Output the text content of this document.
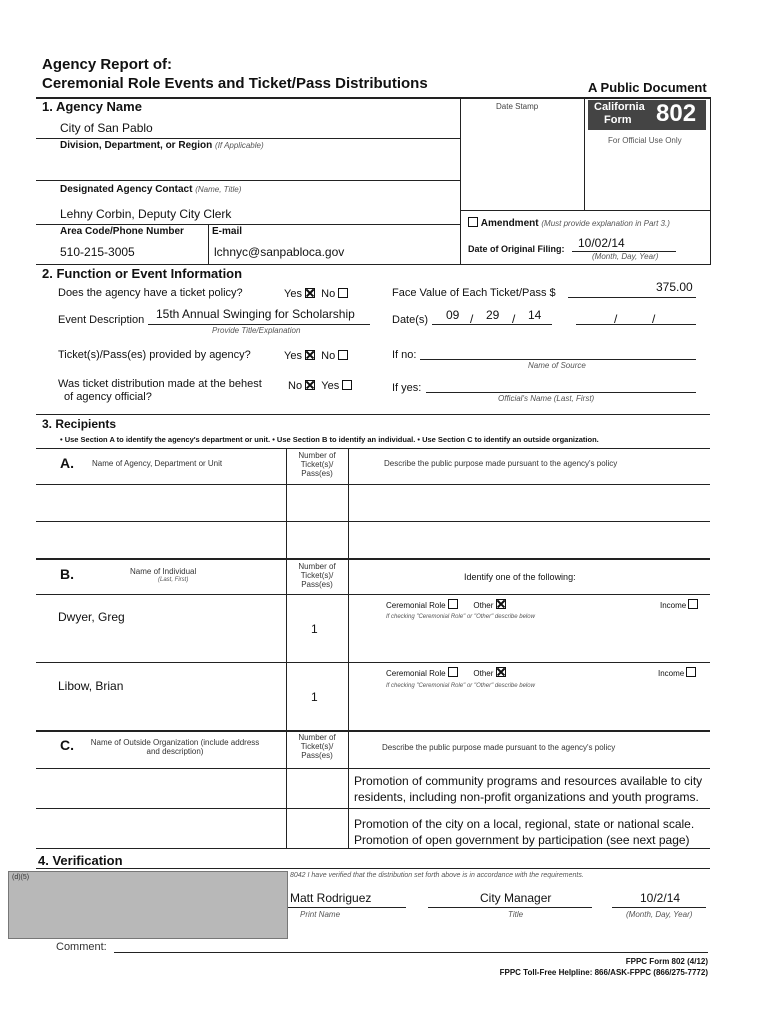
Agency Report of:
Ceremonial Role Events and Ticket/Pass Distributions	A Public Document
1. Agency Name
City of San Pablo
Division, Department, or Region (If Applicable)
Designated Agency Contact (Name, Title)
Lehny Corbin, Deputy City Clerk
Area Code/Phone Number	E-mail
510-215-3005	lchnyc@sanpabloca.gov
Date Stamp	California
Form 802
For Official Use Only
Amendment (Must provide explanation in Part 3.)
Date of Original Filing: 10/02/14
(Month, Day, Year)
2. Function or Event Information
Does the agency have a ticket policy?	Yes No	Face Value of Each Ticket/Pass $	375.00
Event Description 15th Annual Swinging for Scholarship
Provide Title/Explanation
Date(s) 09 / 29 / 14	/	/
Ticket(s)/Pass(es) provided by agency?	Yes No	If no:
Name of Source
Was ticket distribution made at the behest
of agency official?
No Yes	If yes:
Official's Name (Last, First)
3. Recipients
• Use Section A to identify the agency's department or unit. • Use Section B to identify an individual. • Use Section C to identify an outside organization.
A. Name of Agency, Department or Unit
Number of Ticket(s)/ Pass(es)
Describe the public purpose made pursuant to the agency's policy
B.	Name of Individual
(Last, First)
Number of Ticket(s)/ Pass(es)
Identify one of the following:
Dwyer, Greg
1
Ceremonial Role	Other	Income
If checking "Ceremonial Role" or "Other" describe below
Libow, Brian
1
Ceremonial Role	Other	Income
If checking "Ceremonial Role" or "Other" describe below
C. Name of Outside Organization (include address and description)
Number of Ticket(s)/ Pass(es)
Describe the public purpose made pursuant to the agency's policy
Promotion of community programs and resources available to city residents, including non-profit organizations and youth programs.
Promotion of the city on a local, regional, state or national scale. Promotion of open government by participation (see next page)
4. Verification
(d)(5)	8042 I have verified that the distribution set forth above is in accordance with the requirements.
Matt Rodriguez	City Manager	10/2/14
Print Name	Title	(Month, Day, Year)
Comment:
FPPC Form 802 (4/12)
FPPC Toll-Free Helpline: 866/ASK-FPPC (866/275-7772)
